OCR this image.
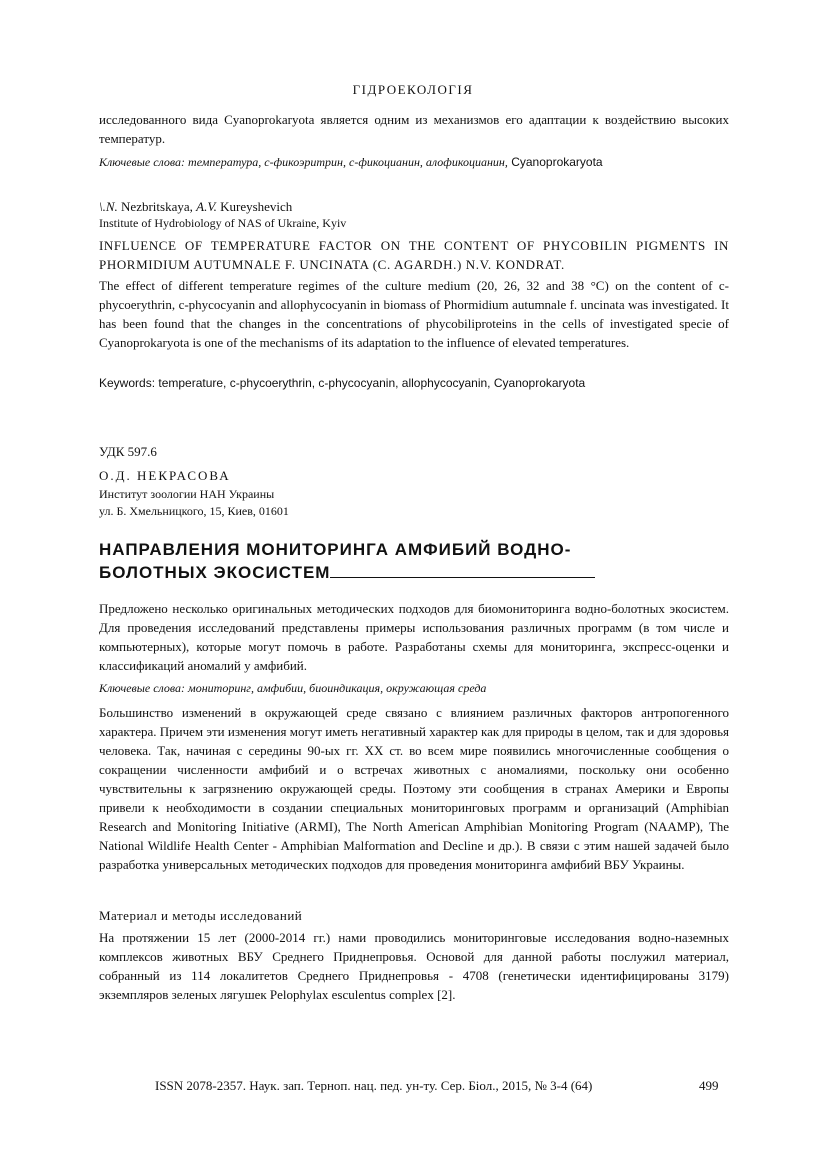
ГІДРОЕКОЛОГІЯ
исследованного вида Cyanoprokaryota является одним из механизмов его адаптации к воздействию высоких температур.
Ключевые слова: температура, с-фикоэритрин, с-фикоцианин, алофикоцианин, Cyanoprokaryota
\.N. Nezbritskaya, A.V. Kureyshevich
Institute of Hydrobiology of NAS of Ukraine, Kyiv
INFLUENCE OF TEMPERATURE FACTOR ON THE CONTENT OF PHYCOBILIN PIGMENTS IN PHORMIDIUM AUTUMNALE F. UNCINATA (C. AGARDH.) N.V. KONDRAT.
The effect of different temperature regimes of the culture medium (20, 26, 32 and 38 °C) on the content of c-phycoerythrin, c-phycocyanin and allophycocyanin in biomass of Phormidium autumnale f. uncinata was investigated. It has been found that the changes in the concentrations of phycobiliproteins in the cells of investigated specie of Cyanoprokaryota is one of the mechanisms of its adaptation to the influence of elevated temperatures.
Keywords: temperature, c-phycoerythrin, c-phycocyanin, allophycocyanin, Cyanoprokaryota
УДК 597.6
О.Д. НЕКРАСОВА
Институт зоологии НАН Украины
ул. Б. Хмельницкого, 15, Киев, 01601
НАПРАВЛЕНИЯ МОНИТОРИНГА АМФИБИЙ ВОДНО-
БОЛОТНЫХ ЭКОСИСТЕМ
Предложено несколько оригинальных методических подходов для биомониторинга водно-болотных экосистем. Для проведения исследований представлены примеры использования различных программ (в том числе и компьютерных), которые могут помочь в работе. Разработаны схемы для мониторинга, экспресс-оценки и классификаций аномалий у амфибий.
Ключевые слова: мониторинг, амфибии, биоиндикация, окружающая среда
Большинство изменений в окружающей среде связано с влиянием различных факторов антропогенного характера. Причем эти изменения могут иметь негативный характер как для природы в целом, так и для здоровья человека. Так, начиная с середины 90-ых гг. XX ст. во всем мире появились многочисленные сообщения о сокращении численности амфибий и о встречах животных с аномалиями, поскольку они особенно чувствительны к загрязнению окружающей среды. Поэтому эти сообщения в странах Америки и Европы привели к необходимости в создании специальных мониторинговых программ и организаций (Amphibian Research and Monitoring Initiative (ARMI), The North American Amphibian Monitoring Program (NAAMP), The National Wildlife Health Center - Amphibian Malformation and Decline и др.). В связи с этим нашей задачей было разработка универсальных методических подходов для проведения мониторинга амфибий ВБУ Украины.
Материал и методы исследований
На протяжении 15 лет (2000-2014 гг.) нами проводились мониторинговые исследования водно-наземных комплексов животных ВБУ Среднего Приднепровья. Основой для данной работы послужил материал, собранный из 114 локалитетов Среднего Приднепровья - 4708 (генетически идентифицированы 3179) экземпляров зеленых лягушек Pelophylax esculentus complex [2].
ISSN 2078-2357. Наук. зап. Терноп. нац. пед. ун-ту. Сер. Біол., 2015, № 3-4 (64)	499
